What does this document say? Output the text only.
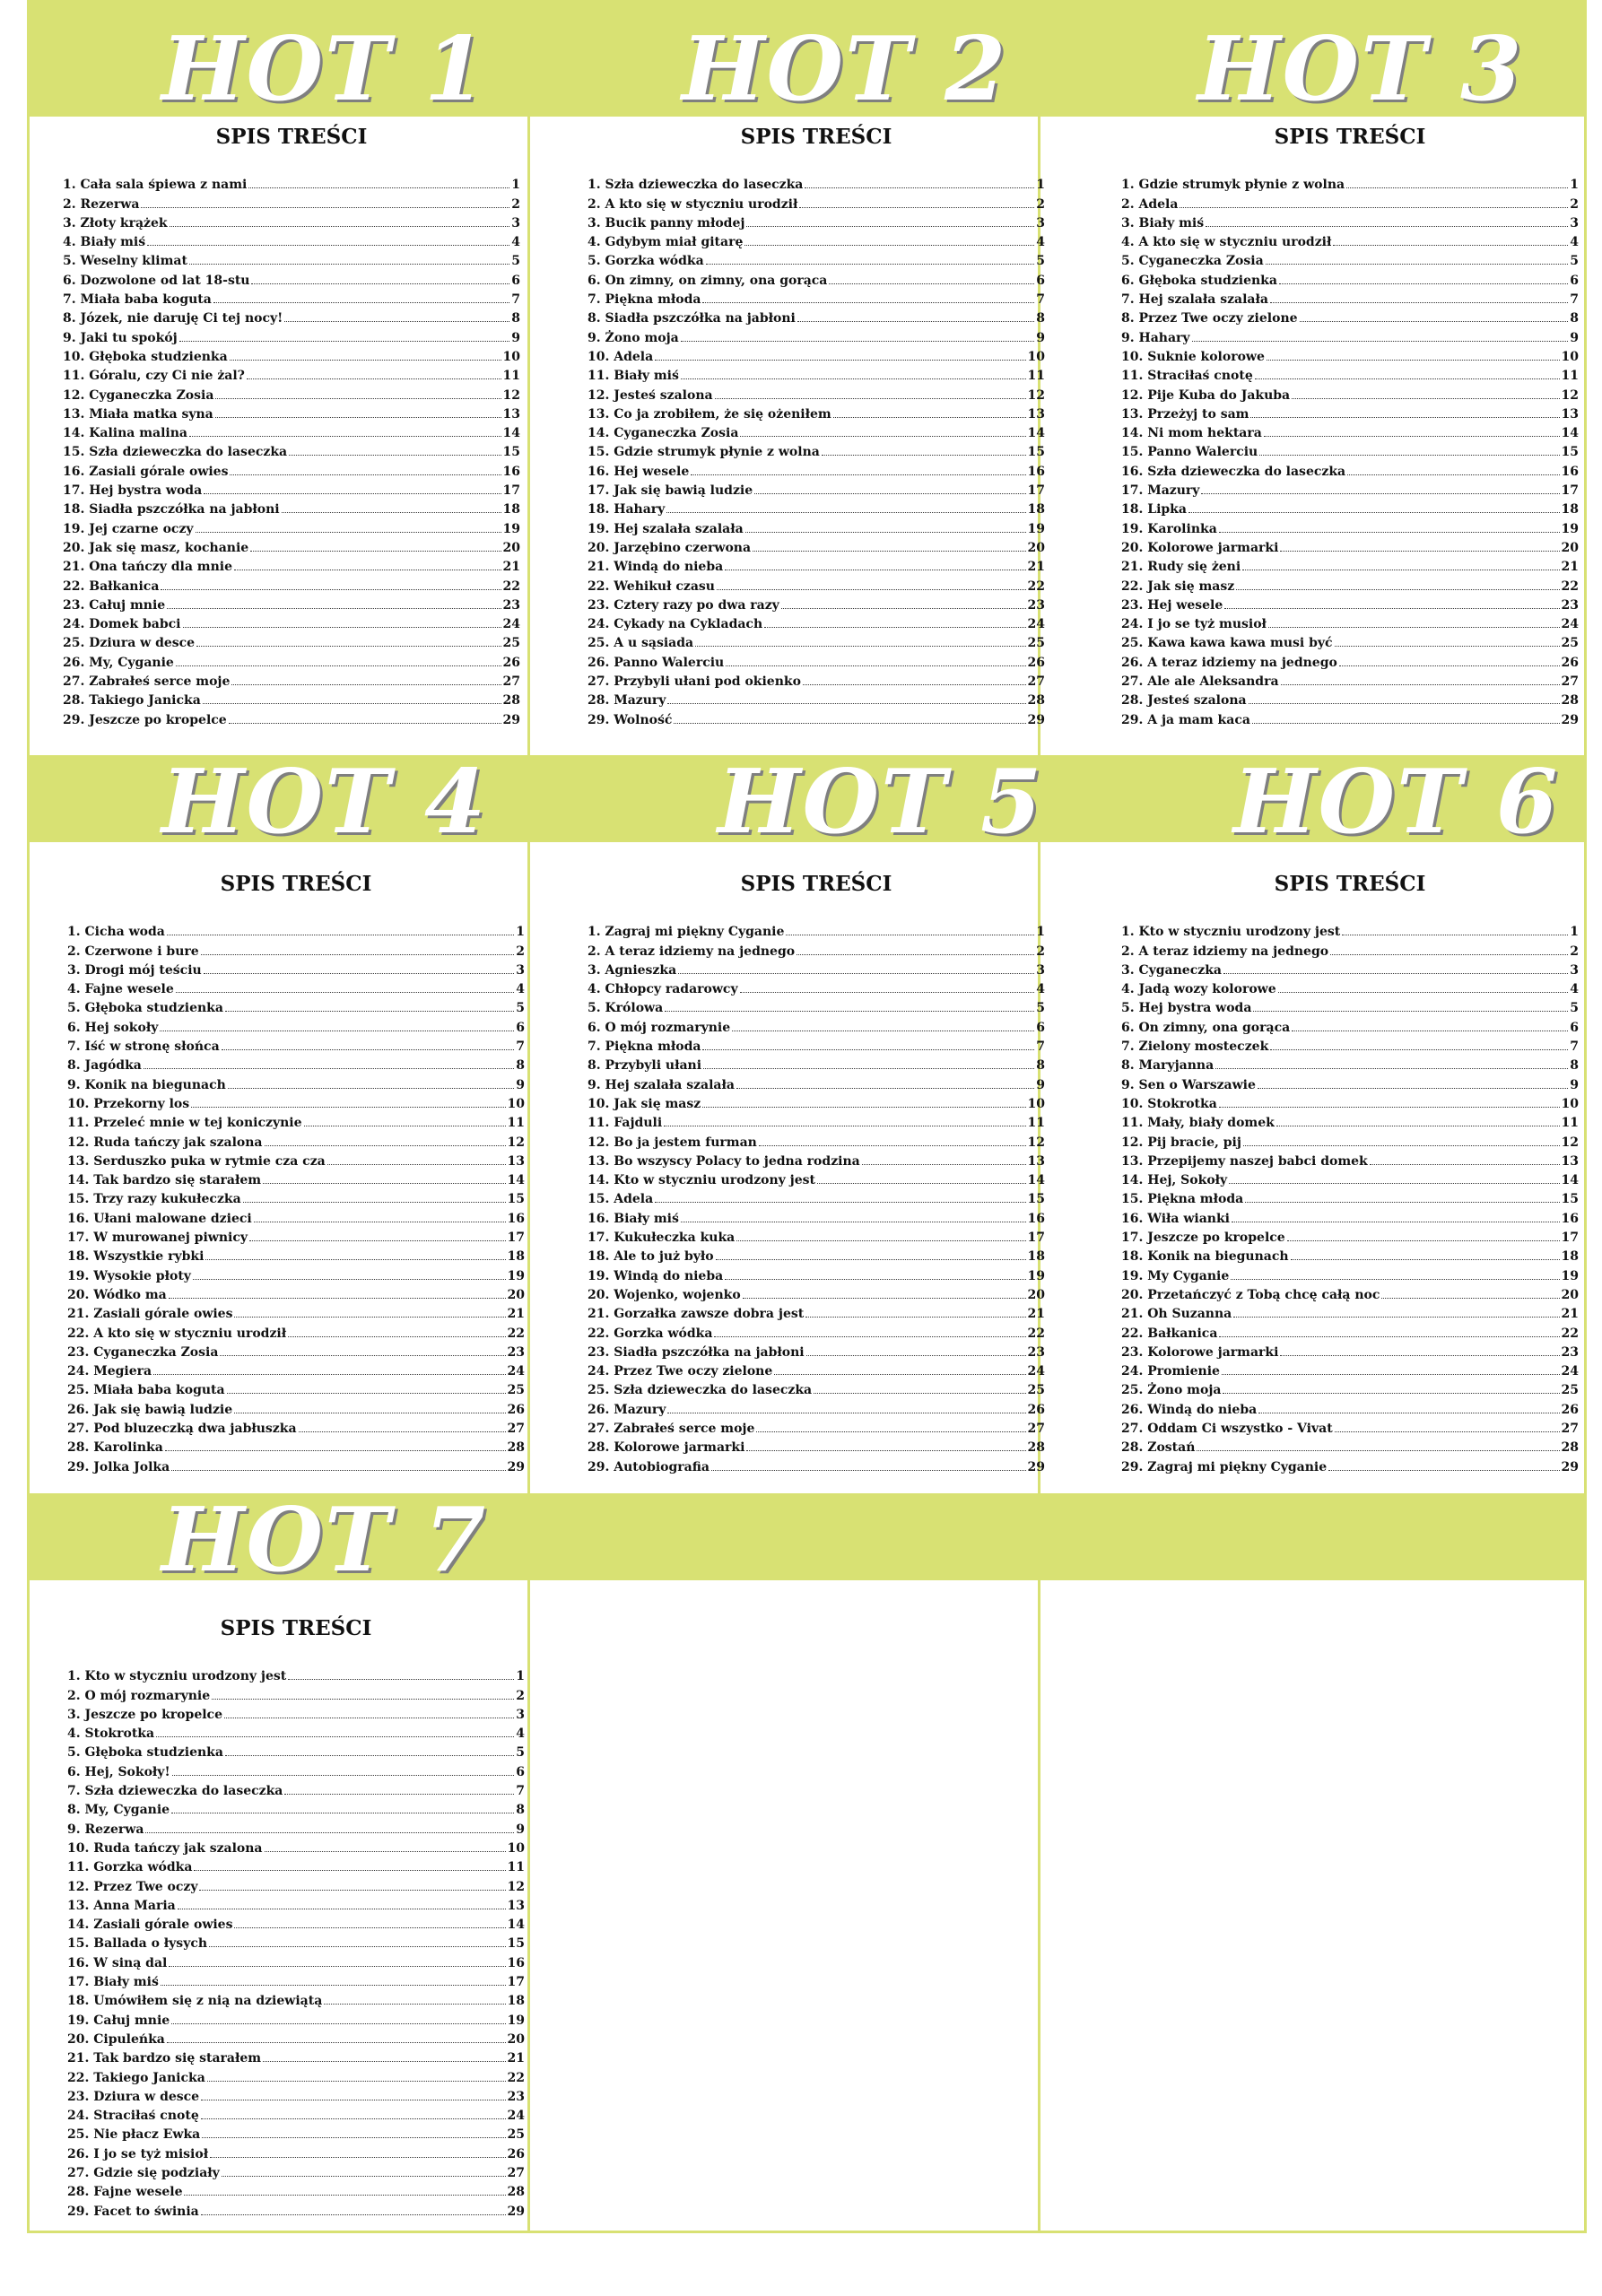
HOT 1 HOT 2 HOT 3
HOT 4	HOT 5 HOT 6
HOT 7
SPIS TREŚCI
1. Cała sala śpiewa z nami	1
2. Rezerwa	2
3. Złoty krążek	3
4. Biały miś	4
5. Weselny klimat	5
6. Dozwolone od lat 18-stu	6
7. Miała baba koguta	7
8. Józek, nie daruję Ci tej nocy!	8
9. Jaki tu spokój	9
10. Głęboka studzienka	10
11. Góralu, czy Ci nie żal?	11
12. Cyganeczka Zosia	12
13. Miała matka syna	13
14. Kalina malina	14
15. Szła dzieweczka do laseczka	15
16. Zasiali górale owies	16
17. Hej bystra woda	17
18. Siadła pszczółka na jabłoni	18
19. Jej czarne oczy	19
20. Jak się masz, kochanie	20
21. Ona tańczy dla mnie	21
22. Bałkanica	22
23. Całuj mnie	23
24. Domek babci	24
25. Dziura w desce	25
26. My, Cyganie	26
27. Zabrałeś serce moje	27
28. Takiego Janicka	28
29. Jeszcze po kropelce	29
SPIS TREŚCI
1. Szła dzieweczka do laseczka	1
2. A kto się w styczniu urodził	2
3. Bucik panny młodej	3
4. Gdybym miał gitarę	4
5. Gorzka wódka	5
6. On zimny, on zimny, ona gorąca	6
7. Piękna młoda	7
8. Siadła pszczółka na jabłoni	8
9. Żono moja	9
10. Adela	10
11. Biały miś	11
12. Jesteś szalona	12
13. Co ja zrobiłem, że się ożeniłem	13
14. Cyganeczka Zosia	14
15. Gdzie strumyk płynie z wolna	15
16. Hej wesele	16
17. Jak się bawią ludzie	17
18. Hahary	18
19. Hej szalała szalała	19
20. Jarzębino czerwona	20
21. Windą do nieba	21
22. Wehikuł czasu	22
23. Cztery razy po dwa razy	23
24. Cykady na Cykladach	24
25. A u sąsiada	25
26. Panno Walerciu	26
27. Przybyli ułani pod okienko	27
28. Mazury	28
29. Wolność	29
SPIS TREŚCI
1. Gdzie strumyk płynie z wolna	1
2. Adela	2
3. Biały miś	3
4. A kto się w styczniu urodził	4
5. Cyganeczka Zosia	5
6. Głęboka studzienka	6
7. Hej szalała szalała	7
8. Przez Twe oczy zielone	8
9. Hahary	9
10. Suknie kolorowe	10
11. Straciłaś cnotę	11
12. Pije Kuba do Jakuba	12
13. Przeżyj to sam	13
14. Ni mom hektara	14
15. Panno Walerciu	15
16. Szła dzieweczka do laseczka	16
17. Mazury	17
18. Lipka	18
19. Karolinka	19
20. Kolorowe jarmarki	20
21. Rudy się żeni	21
22. Jak się masz	22
23. Hej wesele	23
24. I jo se tyż musioł	24
25. Kawa kawa kawa musi być	25
26. A teraz idziemy na jednego	26
27. Ale ale Aleksandra	27
28. Jesteś szalona	28
29. A ja mam kaca	29
SPIS TREŚCI
1. Cicha woda	1
2. Czerwone i bure	2
3. Drogi mój teściu	3
4. Fajne wesele	4
5. Głęboka studzienka	5
6. Hej sokoły	6
7. Iść w stronę słońca	7
8. Jagódka	8
9. Konik na biegunach	9
10. Przekorny los	10
11. Przeleć mnie w tej koniczynie	11
12. Ruda tańczy jak szalona	12
13. Serduszko puka w rytmie cza cza	13
14. Tak bardzo się starałem	14
15. Trzy razy kukułeczka	15
16. Ułani malowane dzieci	16
17. W murowanej piwnicy	17
18. Wszystkie rybki	18
19. Wysokie płoty	19
20. Wódko ma	20
21. Zasiali górale owies	21
22. A kto się w styczniu urodził	22
23. Cyganeczka Zosia	23
24. Megiera	24
25. Miała baba koguta	25
26. Jak się bawią ludzie	26
27. Pod bluzeczką dwa jabłuszka	27
28. Karolinka	28
29. Jolka Jolka	29
SPIS TREŚCI
1. Zagraj mi piękny Cyganie	1
2. A teraz idziemy na jednego	2
3. Agnieszka	3
4. Chłopcy radarowcy	4
5. Królowa	5
6. O mój rozmarynie	6
7. Piękna młoda	7
8. Przybyli ułani	8
9. Hej szalała szalała	9
10. Jak się masz	10
11. Fajduli	11
12. Bo ja jestem furman	12
13. Bo wszyscy Polacy to jedna rodzina	13
14. Kto w styczniu urodzony jest	14
15. Adela	15
16. Biały miś	16
17. Kukułeczka kuka	17
18. Ale to już było	18
19. Windą do nieba	19
20. Wojenko, wojenko	20
21. Gorzałka zawsze dobra jest	21
22. Gorzka wódka	22
23. Siadła pszczółka na jabłoni	23
24. Przez Twe oczy zielone	24
25. Szła dzieweczka do laseczka	25
26. Mazury	26
27. Zabrałeś serce moje	27
28. Kolorowe jarmarki	28
29. Autobiografia	29
SPIS TREŚCI
1. Kto w styczniu urodzony jest	1
2. A teraz idziemy na jednego	2
3. Cyganeczka	3
4. Jadą wozy kolorowe	4
5. Hej bystra woda	5
6. On zimny, ona gorąca	6
7. Zielony mosteczek	7
8. Maryjanna	8
9. Sen o Warszawie	9
10. Stokrotka	10
11. Mały, biały domek	11
12. Pij bracie, pij	12
13. Przepijemy naszej babci domek	13
14. Hej, Sokoły	14
15. Piękna młoda	15
16. Wiła wianki	16
17. Jeszcze po kropelce	17
18. Konik na biegunach	18
19. My Cyganie	19
20. Przetańczyć z Tobą chcę całą noc	20
21. Oh Suzanna	21
22. Bałkanica	22
23. Kolorowe jarmarki	23
24. Promienie	24
25. Żono moja	25
26. Windą do nieba	26
27. Oddam Ci wszystko - Vivat	27
28. Zostań	28
29. Zagraj mi piękny Cyganie	29
SPIS TREŚCI
1. Kto w styczniu urodzony jest	1
2. O mój rozmarynie	2
3. Jeszcze po kropelce	3
4. Stokrotka	4
5. Głęboka studzienka	5
6. Hej, Sokoły!	6
7. Szła dzieweczka do laseczka	7
8. My, Cyganie	8
9. Rezerwa	9
10. Ruda tańczy jak szalona	10
11. Gorzka wódka	11
12. Przez Twe oczy	12
13. Anna Maria	13
14. Zasiali górale owies	14
15. Ballada o łysych	15
16. W siną dal	16
17. Biały miś	17
18. Umówiłem się z nią na dziewiątą	18
19. Całuj mnie	19
20. Cipuleńka	20
21. Tak bardzo się starałem	21
22. Takiego Janicka	22
23. Dziura w desce	23
24. Straciłaś cnotę	24
25. Nie płacz Ewka	25
26. I jo se tyż misioł	26
27. Gdzie się podziały	27
28. Fajne wesele	28
29. Facet to świnia	29
